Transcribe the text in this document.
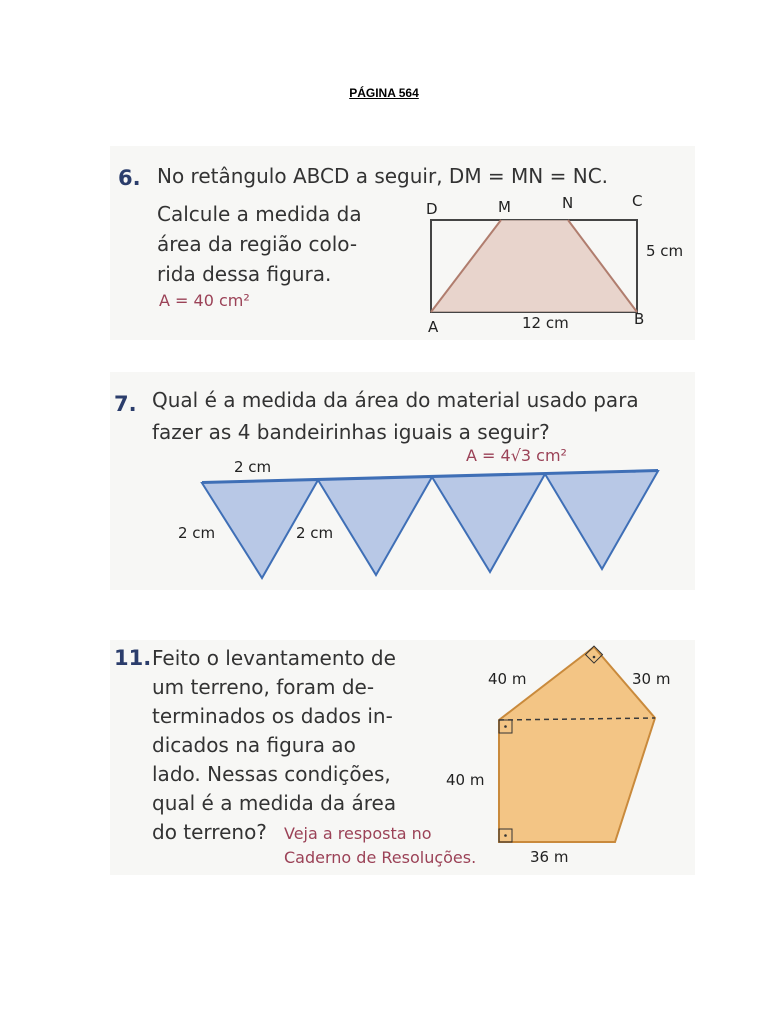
PÁGINA 564
6. No retângulo ABCD a seguir, DM = MN = NC.
Calcule a medida da
área da região colo-
rida dessa figura.
A = 40 cm²
D	M	N	C
5 cm
A	12 cm	B
7. Qual é a medida da área do material usado para
fazer as 4 bandeirinhas iguais a seguir?
A = 4√3 cm²
2 cm
2 cm	2 cm
11. Feito o levantamento de
um terreno, foram de-
terminados os dados in-
dicados na figura ao
lado. Nessas condições,
qual é a medida da área
do terreno? Veja a resposta no
Caderno de Resoluções.
40 m	30 m
40 m
36 m
